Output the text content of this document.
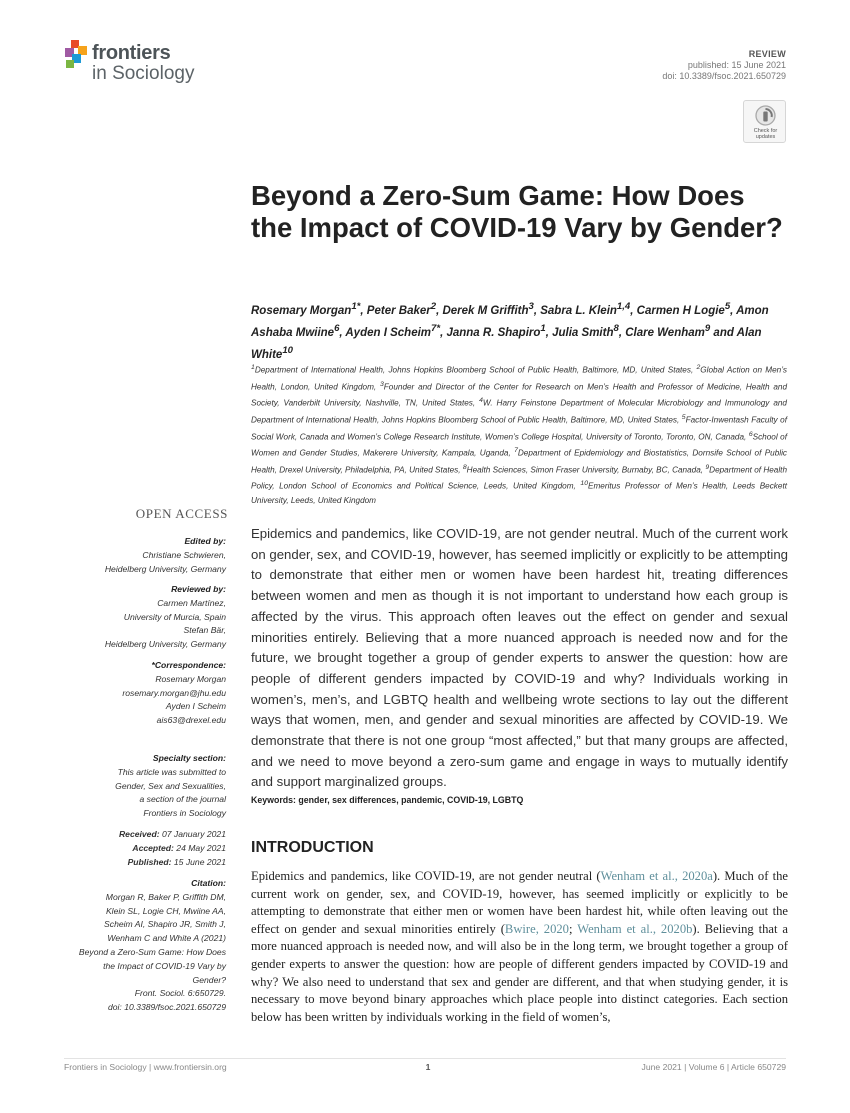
frontiers
in Sociology
REVIEW
published: 15 June 2021
doi: 10.3389/fsoc.2021.650729
Check for
updates
Beyond a Zero-Sum Game: How Does the Impact of COVID-19 Vary by Gender?
Rosemary Morgan$^{1*}$, Peter Baker$^2$, Derek M Griffith$^3$, Sabra L. Klein$^{1,4}$, Carmen H Logie$^5$, Amon Ashaba Mwiine$^6$, Ayden I Scheim$^{7*}$, Janna R. Shapiro$^1$, Julia Smith$^8$, Clare Wenham$^9$ and Alan White$^{10}$
$^1$Department of International Health, Johns Hopkins Bloomberg School of Public Health, Baltimore, MD, United States, $^2$Global Action on Men’s Health, London, United Kingdom, $^3$Founder and Director of the Center for Research on Men’s Health and Professor of Medicine, Health and Society, Vanderbilt University, Nashville, TN, United States, $^4$W. Harry Feinstone Department of Molecular Microbiology and Immunology and Department of International Health, Johns Hopkins Bloomberg School of Public Health, Baltimore, MD, United States, $^5$Factor-Inwentash Faculty of Social Work, Canada and Women’s College Research Institute, Women’s College Hospital, University of Toronto, Toronto, ON, Canada, $^6$School of Women and Gender Studies, Makerere University, Kampala, Uganda, $^7$Department of Epidemiology and Biostatistics, Dornsife School of Public Health, Drexel University, Philadelphia, PA, United States, $^8$Health Sciences, Simon Fraser University, Burnaby, BC, Canada, $^9$Department of Health Policy, London School of Economics and Political Science, Leeds, United Kingdom, $^{10}$Emeritus Professor of Men’s Health, Leeds Beckett University, Leeds, United Kingdom
OPEN ACCESS
Edited by:
Christiane Schwieren,
Heidelberg University, Germany
Reviewed by:
Carmen Martínez,
University of Murcia, Spain
Stefan Bär,
Heidelberg University, Germany
*Correspondence:
Rosemary Morgan
rosemary.morgan@jhu.edu
Ayden I Scheim
ais63@drexel.edu
Specialty section:
This article was submitted to
Gender, Sex and Sexualities,
a section of the journal
Frontiers in Sociology
Received: 07 January 2021
Accepted: 24 May 2021
Published: 15 June 2021
Citation:
Morgan R, Baker P, Griffith DM,
Klein SL, Logie CH, Mwiine AA,
Scheim AI, Shapiro JR, Smith J,
Wenham C and White A (2021)
Beyond a Zero-Sum Game: How Does
the Impact of COVID-19 Vary by
Gender?
Front. Sociol. 6:650729.
doi: 10.3389/fsoc.2021.650729

Epidemics and pandemics, like COVID-19, are not gender neutral. Much of the current work on gender, sex, and COVID-19, however, has seemed implicitly or explicitly to be attempting to demonstrate that either men or women have been hardest hit, treating differences between women and men as though it is not important to understand how each group is affected by the virus. This approach often leaves out the effect on gender and sexual minorities entirely. Believing that a more nuanced approach is needed now and for the future, we brought together a group of gender experts to answer the question: how are people of different genders impacted by COVID-19 and why? Individuals working in women’s, men’s, and LGBTQ health and wellbeing wrote sections to lay out the different ways that women, men, and gender and sexual minorities are affected by COVID-19. We demonstrate that there is not one group “most affected,” but that many groups are affected, and we need to move beyond a zero-sum game and engage in ways to mutually identify and support marginalized groups.

Keywords: gender, sex differences, pandemic, COVID-19, LGBTQ
INTRODUCTION

Epidemics and pandemics, like COVID-19, are not gender neutral (Wenham et al., 2020a). Much of the current work on gender, sex, and COVID-19, however, has seemed implicitly or explicitly to be attempting to demonstrate that either men or women have been hardest hit, while often leaving out the effect on gender and sexual minorities entirely (Bwire, 2020; Wenham et al., 2020b). Believing that a more nuanced approach is needed now, and will also be in the long term, we brought together a group of gender experts to answer the question: how are people of different genders impacted by COVID-19 and why? We also need to understand that sex and gender are different, and that when studying gender, it is necessary to move beyond binary approaches which place people into distinct categories. Each section below has been written by individuals working in the field of women’s,

Frontiers in Sociology | www.frontiersin.org	1	June 2021 | Volume 6 | Article 650729
